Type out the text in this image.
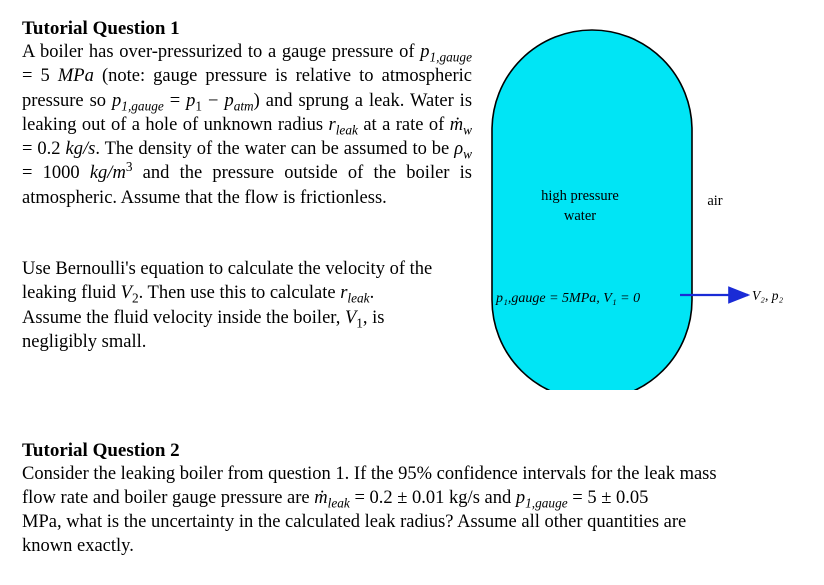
Tutorial Question 1

A boiler has over-pressurized to a gauge pressure of $p_{1,gauge} = 5$ MPa (note: gauge pressure is relative to atmospheric pressure so $p_{1,gauge} = p_1 - p_{atm}$) and sprung a leak. Water is leaking out of a hole of unknown radius $r_{leak}$ at a rate of ṁ$_w$ = 0.2 kg/s. The density of the water can be assumed to be $\rho_w = 1000$ $kg/m^3$ and the pressure outside of the boiler is atmospheric. Assume that the flow is frictionless.

Use Bernoulli's equation to calculate the velocity of the
leaking fluid $V_2$. Then use this to calculate $r_{leak}$.
Assume the fluid velocity inside the boiler, $V_1$, is
negligibly small.

high pressure
water
air
p₁,gauge = 5MPa, V₁ = 0	V₂, p₂
Tutorial Question 2

Consider the leaking boiler from question 1. If the 95% confidence intervals for the leak mass
flow rate and boiler gauge pressure are ṁ$_{leak}$ = 0.2 ± 0.01 kg/s and $p_{1,gauge} = 5 \pm 0.05$
MPa, what is the uncertainty in the calculated leak radius? Assume all other quantities are
known exactly.
